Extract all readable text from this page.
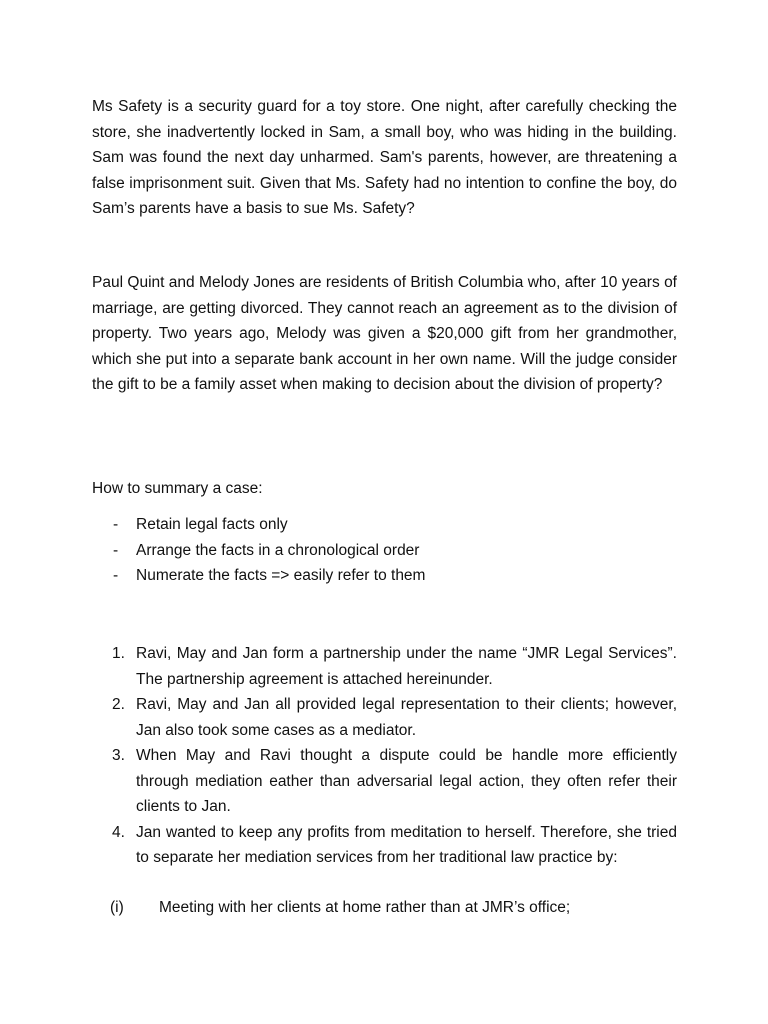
Ms Safety is a security guard for a toy store. One night, after carefully checking the store, she inadvertently locked in Sam, a small boy, who was hiding in the building. Sam was found the next day unharmed. Sam's parents, however, are threatening a false imprisonment suit. Given that Ms. Safety had no intention to confine the boy, do Sam’s parents have a basis to sue Ms. Safety?

Paul Quint and Melody Jones are residents of British Columbia who, after 10 years of marriage, are getting divorced. They cannot reach an agreement as to the division of property. Two years ago, Melody was given a $20,000 gift from her grandmother, which she put into a separate bank account in her own name. Will the judge consider the gift to be a family asset when making to decision about the division of property?

How to summary a case:

- Retain legal facts only
- Arrange the facts in a chronological order
- Numerate the facts => easily refer to them
1. Ravi, May and Jan form a partnership under the name “JMR Legal Services”. The partnership agreement is attached hereinunder.
2. Ravi, May and Jan all provided legal representation to their clients; however, Jan also took some cases as a mediator.
3. When May and Ravi thought a dispute could be handle more efficiently through mediation eather than adversarial legal action, they often refer their clients to Jan.
4. Jan wanted to keep any profits from meditation to herself. Therefore, she tried to separate her mediation services from her traditional law practice by:
(i) Meeting with her clients at home rather than at JMR’s office;
